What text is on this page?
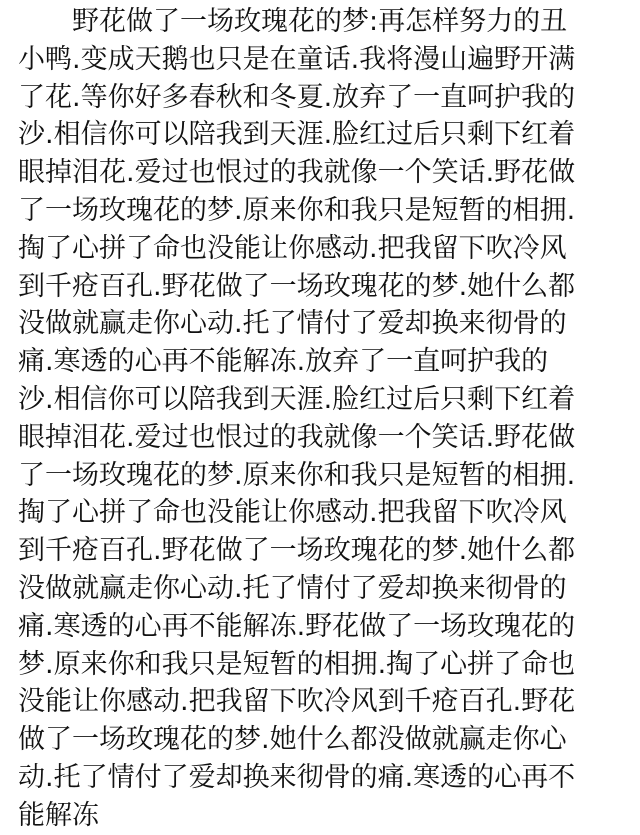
野花做了一场玫瑰花的梦:再怎样努力的丑
小鸭.变成天鹅也只是在童话.我将漫山遍野开满
了花.等你好多春秋和冬夏.放弃了一直呵护我的
沙.相信你可以陪我到天涯.脸红过后只剩下红着
眼掉泪花.爱过也恨过的我就像一个笑话.野花做
了一场玫瑰花的梦.原来你和我只是短暂的相拥.
掏了心拼了命也没能让你感动.把我留下吹冷风
到千疮百孔.野花做了一场玫瑰花的梦.她什么都
没做就赢走你心动.托了情付了爱却换来彻骨的
痛.寒透的心再不能解冻.放弃了一直呵护我的
沙.相信你可以陪我到天涯.脸红过后只剩下红着
眼掉泪花.爱过也恨过的我就像一个笑话.野花做
了一场玫瑰花的梦.原来你和我只是短暂的相拥.
掏了心拼了命也没能让你感动.把我留下吹冷风
到千疮百孔.野花做了一场玫瑰花的梦.她什么都
没做就赢走你心动.托了情付了爱却换来彻骨的
痛.寒透的心再不能解冻.野花做了一场玫瑰花的
梦.原来你和我只是短暂的相拥.掏了心拼了命也
没能让你感动.把我留下吹冷风到千疮百孔.野花
做了一场玫瑰花的梦.她什么都没做就赢走你心
动.托了情付了爱却换来彻骨的痛.寒透的心再不
能解冻
